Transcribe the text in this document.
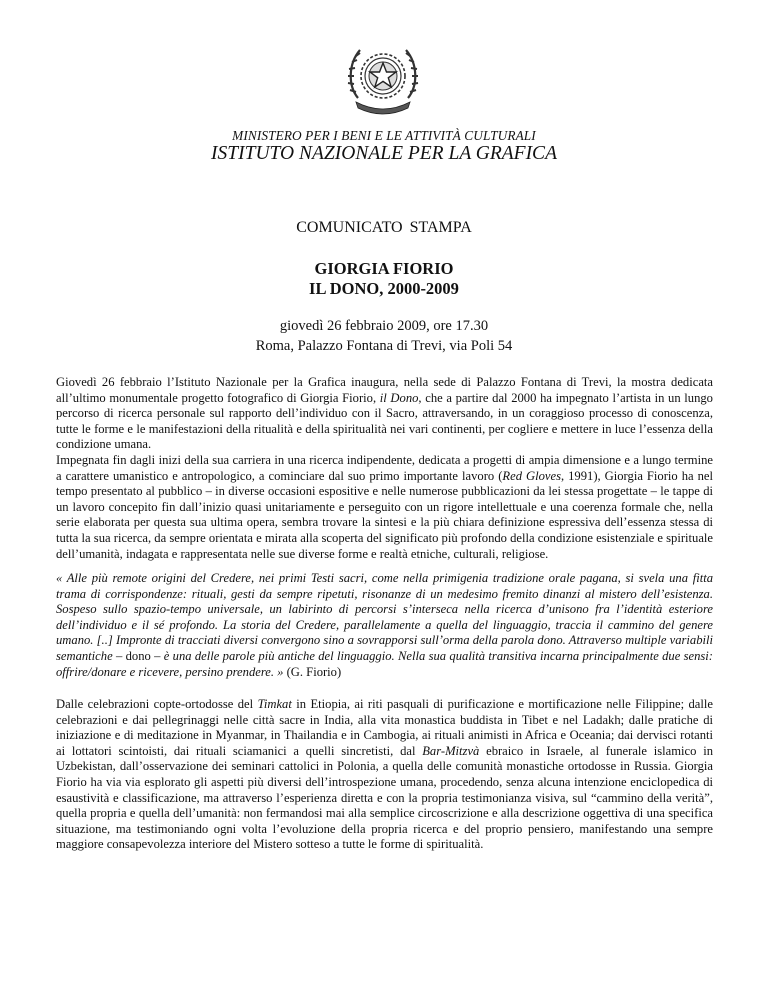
MINISTERO PER I BENI E LE ATTIVITÀ CULTURALI
ISTITUTO NAZIONALE PER LA GRAFICA
COMUNICATO STAMPA
GIORGIA FIORIO
IL DONO, 2000-2009
giovedì 26 febbraio 2009, ore 17.30
Roma, Palazzo Fontana di Trevi, via Poli 54

Giovedì 26 febbraio l’Istituto Nazionale per la Grafica inaugura, nella sede di Palazzo Fontana di Trevi, la mostra dedicata all’ultimo monumentale progetto fotografico di Giorgia Fiorio, il Dono, che a partire dal 2000 ha impegnato l’artista in un lungo percorso di ricerca personale sul rapporto dell’individuo con il Sacro, attraversando, in un coraggioso processo di conoscenza, tutte le forme e le manifestazioni della ritualità e della spiritualità nei vari continenti, per cogliere e mettere in luce l’essenza della condizione umana.

Impegnata fin dagli inizi della sua carriera in una ricerca indipendente, dedicata a progetti di ampia dimensione e a lungo termine a carattere umanistico e antropologico, a cominciare dal suo primo importante lavoro (Red Gloves, 1991), Giorgia Fiorio ha nel tempo presentato al pubblico – in diverse occasioni espositive e nelle numerose pubblicazioni da lei stessa progettate – le tappe di un lavoro concepito fin dall’inizio quasi unitariamente e perseguito con un rigore intellettuale e una coerenza formale che, nella serie elaborata per questa sua ultima opera, sembra trovare la sintesi e la più chiara definizione espressiva dell’essenza stessa di tutta la sua ricerca, da sempre orientata e mirata alla scoperta del significato più profondo della condizione esistenziale e spirituale dell’umanità, indagata e rappresentata nelle sue diverse forme e realtà etniche, culturali, religiose.

« Alle più remote origini del Credere, nei primi Testi sacri, come nella primigenia tradizione orale pagana, si svela una fitta trama di corrispondenze: rituali, gesti da sempre ripetuti, risonanze di un medesimo fremito dinanzi al mistero dell’esistenza. Sospeso sullo spazio-tempo universale, un labirinto di percorsi s’interseca nella ricerca d’unisono fra l’identità esteriore dell’individuo e il sé profondo. La storia del Credere, parallelamente a quella del linguaggio, traccia il cammino del genere umano. [..] Impronte di tracciati diversi convergono sino a sovrapporsi sull’orma della parola dono. Attraverso multiple variabili semantiche – dono – è una delle parole più antiche del linguaggio. Nella sua qualità transitiva incarna principalmente due sensi: offrire/donare e ricevere, persino prendere. » (G. Fiorio)

Dalle celebrazioni copte-ortodosse del Timkat in Etiopia, ai riti pasquali di purificazione e mortificazione nelle Filippine; dalle celebrazioni e dai pellegrinaggi nelle città sacre in India, alla vita monastica buddista in Tibet e nel Ladakh; dalle pratiche di iniziazione e di meditazione in Myanmar, in Thailandia e in Cambogia, ai rituali animisti in Africa e Oceania; dai dervisci rotanti ai lottatori scintoisti, dai rituali sciamanici a quelli sincretisti, dal Bar-Mitzvà ebraico in Israele, al funerale islamico in Uzbekistan, dall’osservazione dei seminari cattolici in Polonia, a quella delle comunità monastiche ortodosse in Russia. Giorgia Fiorio ha via via esplorato gli aspetti più diversi dell’introspezione umana, procedendo, senza alcuna intenzione enciclopedica di esaustività e classificazione, ma attraverso l’esperienza diretta e con la propria testimonianza visiva, sul “cammino della verità”, quella propria e quella dell’umanità: non fermandosi mai alla semplice circoscrizione e alla descrizione oggettiva di una specifica situazione, ma testimoniando ogni volta l’evoluzione della propria ricerca e del proprio pensiero, manifestando una sempre maggiore consapevolezza interiore del Mistero sotteso a tutte le forme di spiritualità.
